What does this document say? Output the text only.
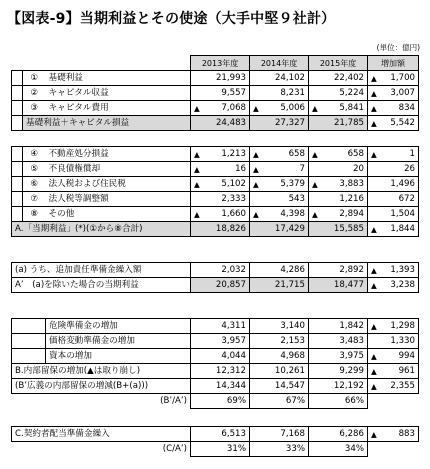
【図表-9】当期利益とその使途（大手中堅９社計）
(単位：億円)
			2013年度	2014年度	2015年度	増加額
	①	基礎利益	21,993	24,102	22,402	▲ 1,700
	②	キャピタル収益	9,557	8,231	5,224	▲ 3,007
	③	キャピタル費用	▲ 7,068	▲ 5,006	▲ 5,841	▲ 834
	基礎利益＋キャピタル損益		24,483	27,327	21,785	▲ 5,542
	④	不動産処分損益	▲ 1,213	▲ 658	▲ 658	▲ 1
	⑤	不良債権償却	▲ 16	▲ 7	20	26
	⑥	法人税および住民税	▲ 5,102	▲ 5,379	▲ 3,883	1,496
	⑦	法人税等調整額	2,333	543	1,216	672
	⑧	その他	▲ 1,660	▲ 4,398	▲ 2,894	1,504
A.「当期利益」(*)(①から⑧合計)			18,826	17,429	15,585	▲ 1,844
(a) うち、追加責任準備金繰入額	2,032	4,286	2,892	▲ 1,393
A’　(a)を除いた場合の当期利益	20,857	21,715	18,477	▲ 3,238
	危険準備金の増加	4,311	3,140	1,842	▲ 1,298
	価格変動準備金の増加	3,957	2,153	3,483	1,330
	資本の増加	4,044	4,968	3,975	▲ 994
B.内部留保の増加(▲は取り崩し)		12,312	10,261	9,299	▲ 961
(B’広義の内部留保の増減(B+(a)))		14,344	14,547	12,192	▲ 2,355
(B’/A’)		69%	67%	66%	
C.契約者配当準備金繰入	6,513	7,168	6,286	▲ 883
(C/A’)	31%	33%	34%	
